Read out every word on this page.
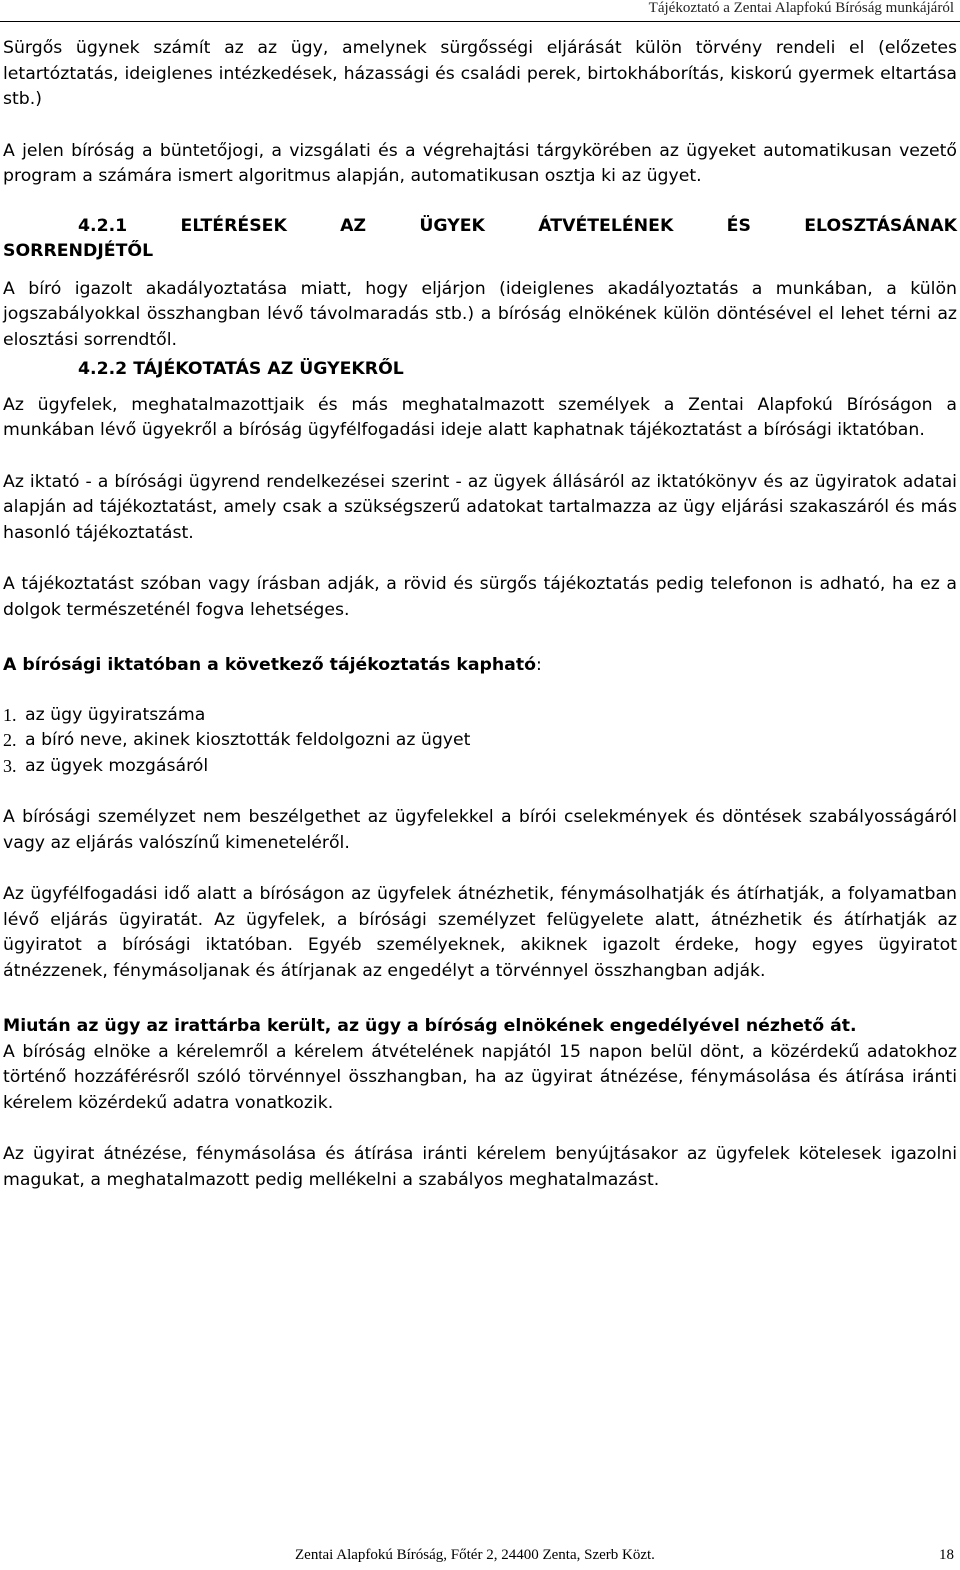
Tájékoztató a Zentai Alapfokú Bíróság munkájáról

Sürgős ügynek számít az az ügy, amelynek sürgősségi eljárását külön törvény rendeli el (előzetes letartóztatás, ideiglenes intézkedések, házassági és családi perek, birtokháborítás, kiskorú gyermek eltartása stb.)

A jelen bíróság a büntetőjogi, a vizsgálati és a végrehajtási tárgykörében az ügyeket automatikusan vezető program a számára ismert algoritmus alapján, automatikusan osztja ki az ügyet.

4.2.1 ELTÉRÉSEK AZ ÜGYEK ÁTVÉTELÉNEK ÉS ELOSZTÁSÁNAK
SORRENDJÉTŐL

A bíró igazolt akadályoztatása miatt, hogy eljárjon (ideiglenes akadályoztatás a munkában, a külön jogszabályokkal összhangban lévő távolmaradás stb.) a bíróság elnökének külön döntésével el lehet térni az elosztási sorrendtől.

4.2.2 TÁJÉKOTATÁS AZ ÜGYEKRŐL

Az ügyfelek, meghatalmazottjaik és más meghatalmazott személyek a Zentai Alapfokú Bíróságon a munkában lévő ügyekről a bíróság ügyfélfogadási ideje alatt kaphatnak tájékoztatást a bírósági iktatóban.

Az iktató - a bírósági ügyrend rendelkezései szerint - az ügyek állásáról az iktatókönyv és az ügyiratok adatai alapján ad tájékoztatást, amely csak a szükségszerű adatokat tartalmazza az ügy eljárási szakaszáról és más hasonló tájékoztatást.

A tájékoztatást szóban vagy írásban adják, a rövid és sürgős tájékoztatás pedig telefonon is adható, ha ez a dolgok természeténél fogva lehetséges.

A bírósági iktatóban a következő tájékoztatás kapható:
1. az ügy ügyiratszáma
2. a bíró neve, akinek kiosztották feldolgozni az ügyet
3. az ügyek mozgásáról

A bírósági személyzet nem beszélgethet az ügyfelekkel a bírói cselekmények és döntések szabályosságáról vagy az eljárás valószínű kimeneteléről.

Az ügyfélfogadási idő alatt a bíróságon az ügyfelek átnézhetik, fénymásolhatják és átírhatják, a folyamatban lévő eljárás ügyiratát. Az ügyfelek, a bírósági személyzet felügyelete alatt, átnézhetik és átírhatják az ügyiratot a bírósági iktatóban. Egyéb személyeknek, akiknek igazolt érdeke, hogy egyes ügyiratot átnézzenek, fénymásoljanak és átírjanak az engedélyt a törvénnyel összhangban adják.

Miután az ügy az irattárba került, az ügy a bíróság elnökének engedélyével nézhető át.

A bíróság elnöke a kérelemről a kérelem átvételének napjától 15 napon belül dönt, a közérdekű adatokhoz történő hozzáférésről szóló törvénnyel összhangban, ha az ügyirat átnézése, fénymásolása és átírása iránti kérelem közérdekű adatra vonatkozik.

Az ügyirat átnézése, fénymásolása és átírása iránti kérelem benyújtásakor az ügyfelek kötelesek igazolni magukat, a meghatalmazott pedig mellékelni a szabályos meghatalmazást.

Zentai Alapfokú Bíróság, Főtér 2, 24400 Zenta, Szerb Közt.	18
